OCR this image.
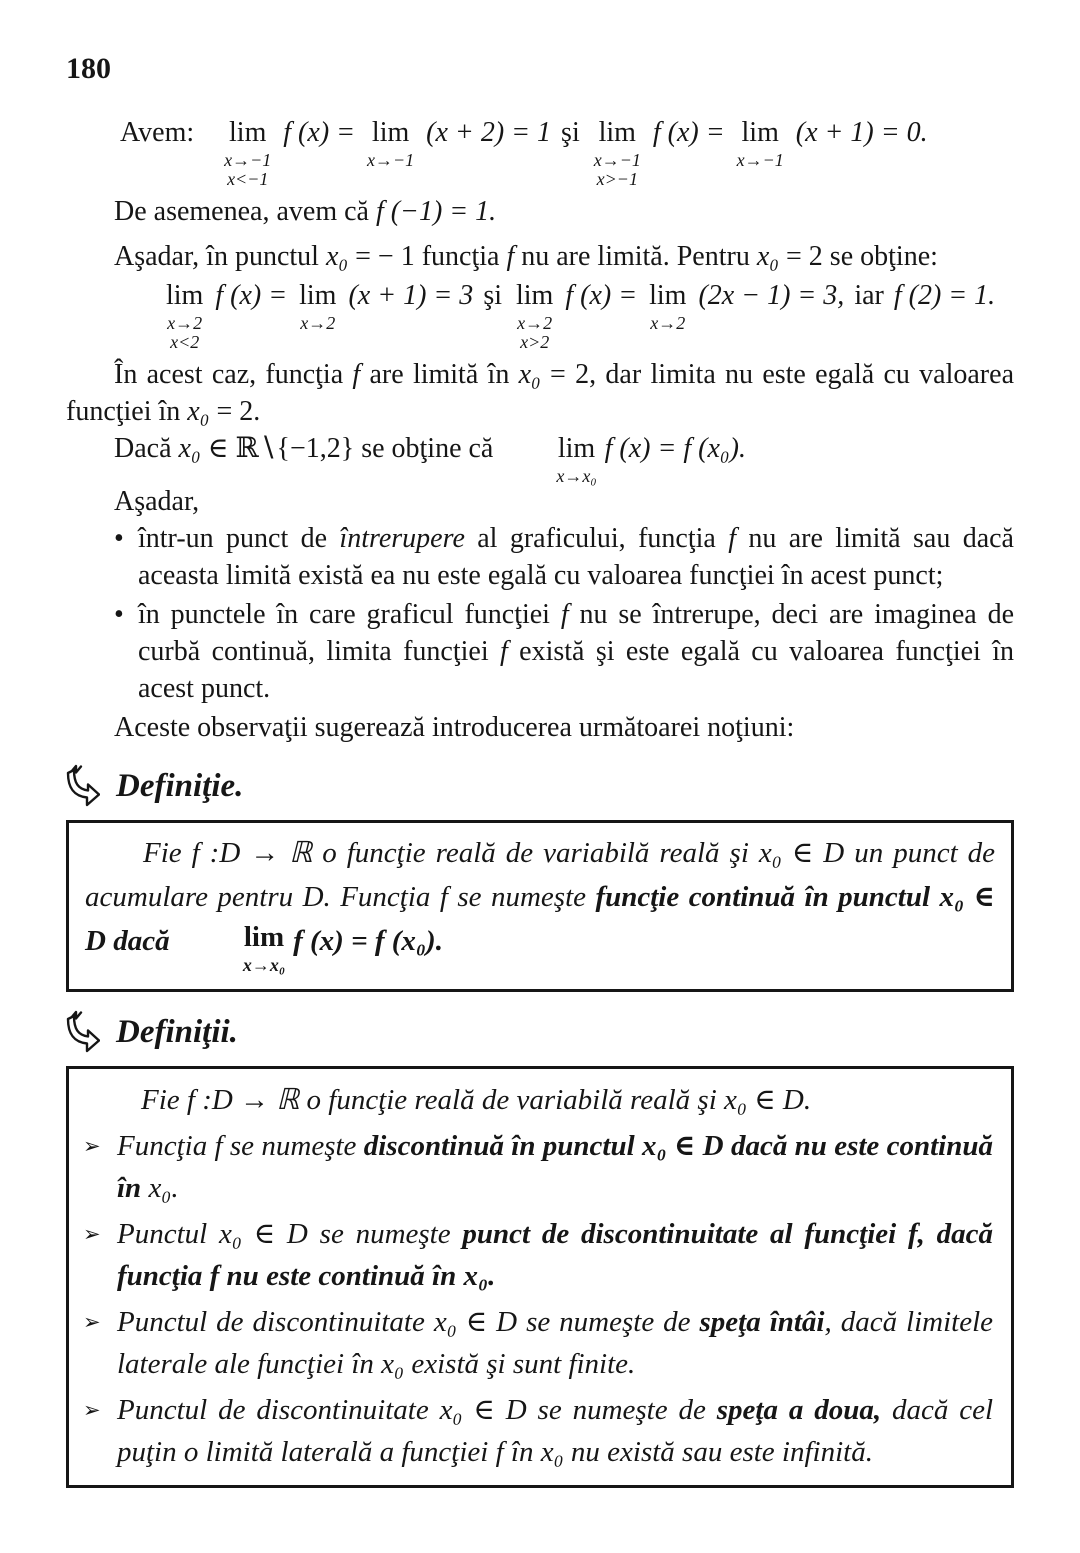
180
Avem: lim
x→−1
x<−1
f (x) = lim
x→−1
(x + 2) = 1 şi lim
x→−1
x>−1
f (x) = lim
x→−1
(x + 1) = 0.
De asemenea, avem că f (−1) = 1.
Aşadar, în punctul x₀ = − 1 funcţia f nu are limită. Pentru x₀ = 2 se obţine:
lim
x→2
x<2
f (x) = lim
x→2
(x + 1) = 3 şi lim
x→2
x>2
f (x) = lim
x→2
(2x − 1) = 3, iar f (2) = 1.
În acest caz, funcţia f are limită în x₀ = 2, dar limita nu este egală cu valoarea funcţiei în x₀ = 2.
Dacă x₀ ∈ ℝ∖{−1,2} se obţine că	lim
x→x₀
f (x) = f (x₀).
Aşadar,
• într-un punct de întrerupere al graficului, funcţia f nu are limită sau dacă aceasta limită există ea nu este egală cu valoarea funcţiei în acest punct;
• în punctele în care graficul funcţiei f nu se întrerupe, deci are imaginea de curbă continuă, limita funcţiei f există şi este egală cu valoarea funcţiei în acest punct.
Aceste observaţii sugerează introducerea următoarei noţiuni:
Definiţie.
Fie f :D → ℝ o funcţie reală de variabilă reală şi x₀ ∈ D un punct de acumulare pentru D. Funcţia f se numeşte funcţie continuă în punctul x₀ ∈ D dacă	lim
x→x₀
f (x) = f (x₀).
Definiţii.
Fie f :D → ℝ o funcţie reală de variabilă reală şi x₀ ∈ D.
➢ Funcţia f se numeşte discontinuă în punctul x₀ ∈ D dacă nu este continuă în x₀.
➢ Punctul x₀ ∈ D se numeşte punct de discontinuitate al funcţiei f, dacă funcţia f nu este continuă în x₀.
➢ Punctul de discontinuitate x₀ ∈ D se numeşte de speţa întâi, dacă limitele laterale ale funcţiei în x₀ există şi sunt finite.
➢ Punctul de discontinuitate x₀ ∈ D se numeşte de speţa a doua, dacă cel puţin o limită laterală a funcţiei f în x₀ nu există sau este infinită.
